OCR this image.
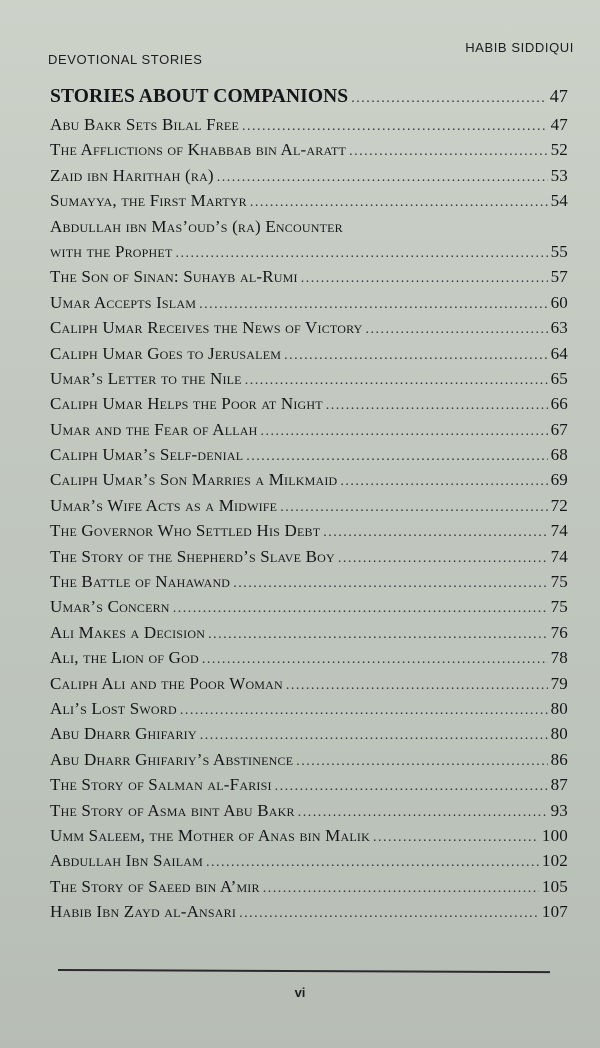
DEVOTIONAL STORIES
HABIB SIDDIQUI
STORIES ABOUT COMPANIONS .....	47
Abu Bakr Sets Bilal Free .....	47
The Afflictions of Khabbab bin Al-aratt .....	52
Zaid ibn Harithah (ra) .....	53
Sumayya, the First Martyr .....	54
Abdullah ibn Mas’oud’s (ra) Encounter
with the Prophet .....	55
The Son of Sinan: Suhayb al-Rumi .....	57
Umar Accepts Islam .....	60
Caliph Umar Receives the News of Victory .....	63
Caliph Umar Goes to Jerusalem .....	64
Umar’s Letter to the Nile .....	65
Caliph Umar Helps the Poor at Night .....	66
Umar and the Fear of Allah .....	67
Caliph Umar’s Self-denial .....	68
Caliph Umar’s Son Marries a Milkmaid .....	69
Umar’s Wife Acts as a Midwife .....	72
The Governor Who Settled His Debt .....	74
The Story of the Shepherd’s Slave Boy .....	74
The Battle of Nahawand .....	75
Umar’s Concern .....	75
Ali Makes a Decision .....	76
Ali, the Lion of God .....	78
Caliph Ali and the Poor Woman .....	79
Ali’s Lost Sword .....	80
Abu Dharr Ghifariy .....	80
Abu Dharr Ghifariy’s Abstinence .....	86
The Story of Salman al-Farisi .....	87
The Story of Asma bint Abu Bakr .....	93
Umm Saleem, the Mother of Anas bin Malik .....	100
Abdullah Ibn Sailam .....	102
The Story of Saeed bin A’mir .....	105
Habib Ibn Zayd al-Ansari .....	107
vi
